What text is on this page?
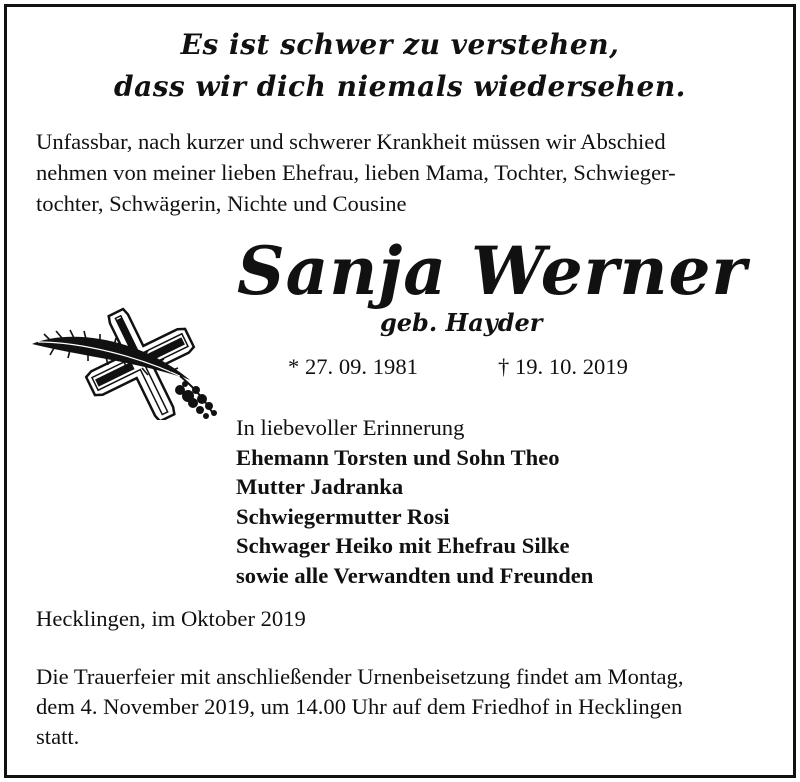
Es ist schwer zu verstehen,
dass wir dich niemals wiedersehen.
Unfassbar, nach kurzer und schwerer Krankheit müssen wir Abschied
nehmen von meiner lieben Ehefrau, lieben Mama, Tochter, Schwieger-
tochter, Schwägerin, Nichte und Cousine
Sanja Werner
geb. Hayder
* 27. 09. 1981	† 19. 10. 2019
In liebevoller Erinnerung
Ehemann Torsten und Sohn Theo
Mutter Jadranka
Schwiegermutter Rosi
Schwager Heiko mit Ehefrau Silke
sowie alle Verwandten und Freunden
Hecklingen, im Oktober 2019
Die Trauerfeier mit anschließender Urnenbeisetzung findet am Montag,
dem 4. November 2019, um 14.00 Uhr auf dem Friedhof in Hecklingen
statt.
